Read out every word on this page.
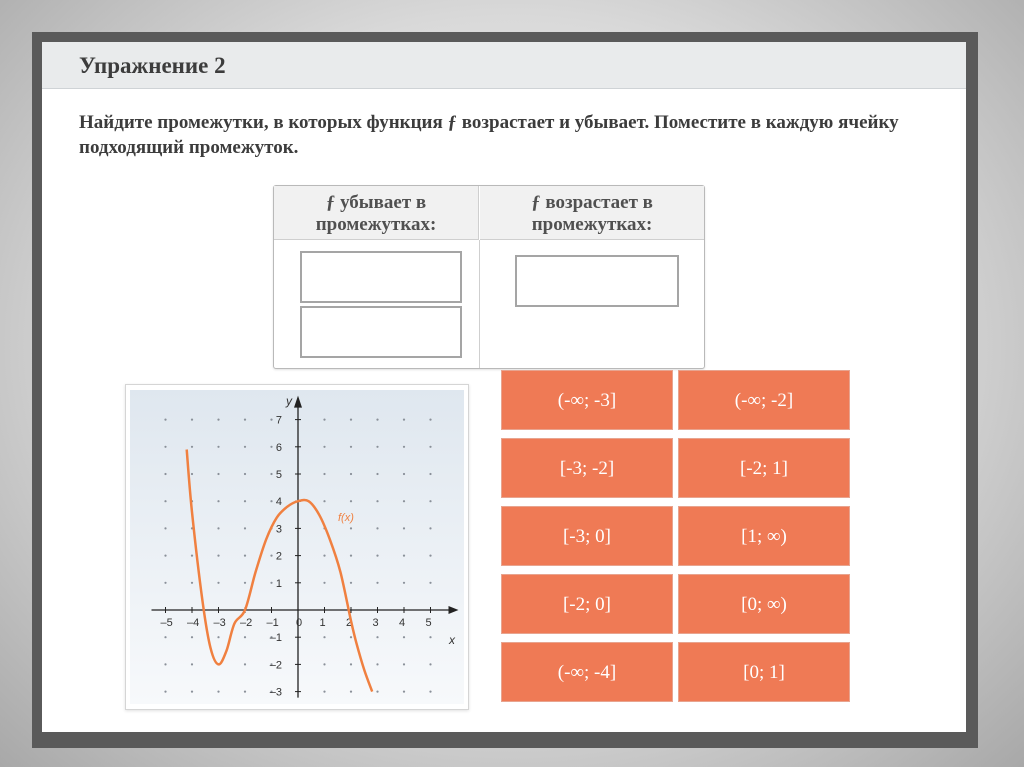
Упражнение 2
Найдите промежутки, в которых функция ƒ возрастает и убывает. Поместите в каждую ячейку подходящий промежуток.
ƒ убывает в промежутках:
ƒ возрастает в промежутках:
–5 –4 –3 –2 –1 0 1 2 3 4 5
7
6
5
4
3
2
1
–1
–2
–3
f(x)
x
y	(-∞; -3]	(-∞; -2]
[-3; -2]	[-2; 1]
[-3; 0]	[1; ∞)
[-2; 0]	[0; ∞)
(-∞; -4]	[0; 1]
